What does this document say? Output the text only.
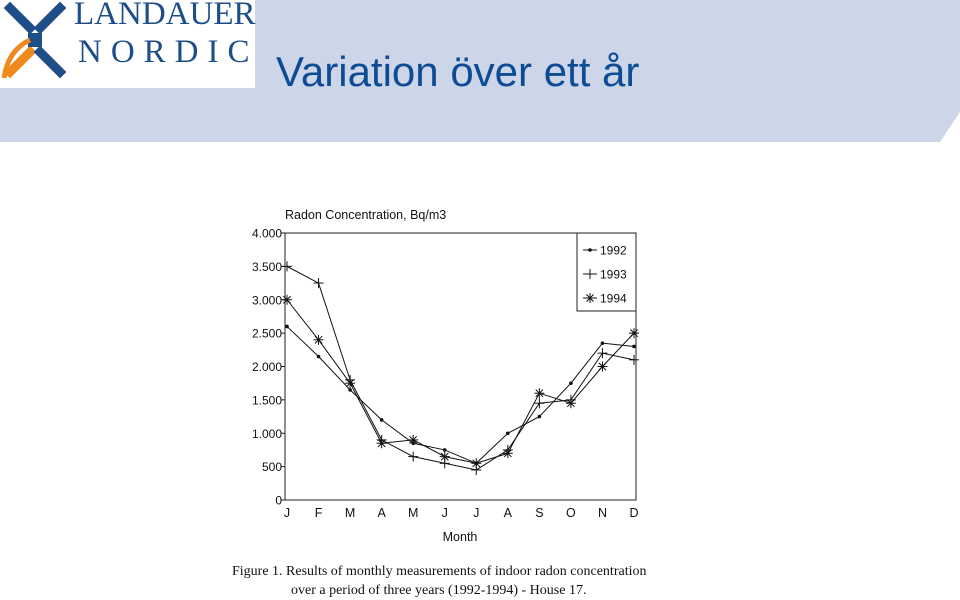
LANDAUER
NORDIC Variation över ett år
Radon Concentration, Bq/m3
0
500
1.000
1.500
2.000
2.500
3.000
3.500
4.000
J F M A M J J A S O N D
1992
1993
1994
Month
Figure 1. Results of monthly measurements of indoor radon concentration
over a period of three years (1992-1994) - House 17.
